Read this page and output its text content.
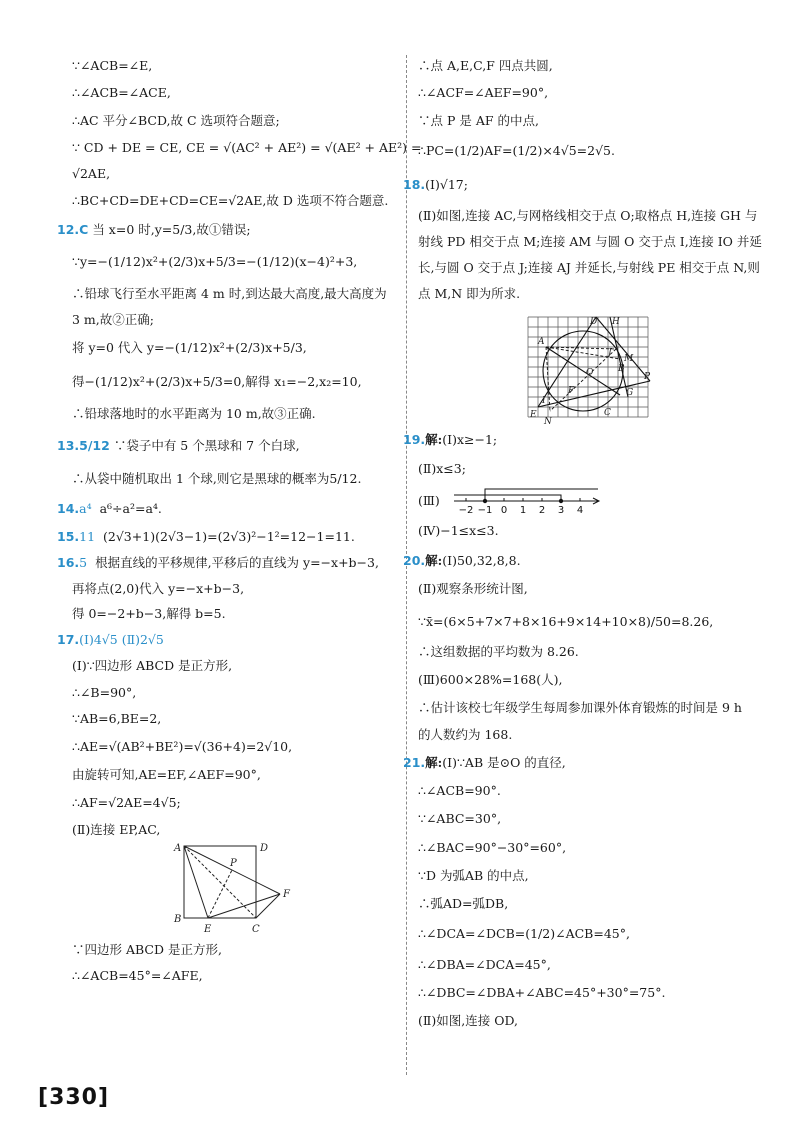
∵∠ACB=∠E,

∴∠ACB=∠ACE,

∴AC 平分∠BCD,故 C 选项符合题意;

∵ CD + DE = CE, CE = √(AC² + AE²) = √(AE² + AE²) =

√2AE,

∴BC+CD=DE+CD=CE=√2AE,故 D 选项不符合题意.

12.C 当 x=0 时,y=5/3,故①错误;

∵y=−(1/12)x²+(2/3)x+5/3=−(1/12)(x−4)²+3,

∴铅球飞行至水平距离 4 m 时,到达最大高度,最大高度为

3 m,故②正确;

将 y=0 代入 y=−(1/12)x²+(2/3)x+5/3,

得−(1/12)x²+(2/3)x+5/3=0,解得 x₁=−2,x₂=10,

∴铅球落地时的水平距离为 10 m,故③正确.

13.5/12 ∵袋子中有 5 个黑球和 7 个白球,

∴从袋中随机取出 1 个球,则它是黑球的概率为5/12.

14.a⁴ a⁶÷a²=a⁴.

15.11 (2√3+1)(2√3−1)=(2√3)²−1²=12−1=11.

16.5 根据直线的平移规律,平移后的直线为 y=−x+b−3,

再将点(2,0)代入 y=−x+b−3,

得 0=−2+b−3,解得 b=5.

17.(Ⅰ)4√5 (Ⅱ)2√5

(Ⅰ)∵四边形 ABCD 是正方形,

∴∠B=90°,

∵AB=6,BE=2,

∴AE=√(AB²+BE²)=√(36+4)=2√10,

由旋转可知,AE=EF,∠AEF=90°,

∴AF=√2AE=4√5;

(Ⅱ)连接 EP,AC,

A	D
P
F
B
E	C

∵四边形 ABCD 是正方形,

∴∠ACB=45°=∠AFE,

[330]

∴点 A,E,C,F 四点共圆,

∴∠ACF=∠AEF=90°,

∵点 P 是 AF 的中点,

∴PC=(1/2)AF=(1/2)×4√5=2√5.

18.(Ⅰ)√17;

(Ⅱ)如图,连接 AC,与网格线相交于点 O;取格点 H,连接 GH 与射线 PD 相交于点 M;连接 AM 与圆 O 交于点 I,连接 IO 并延长,与圆 O 交于点 J;连接 AJ 并延长,与射线 PE 相交于点 N,则点 M,N 即为所求.

D H
A
J
M
B
O	P
F	G
I
C
E
N

19.解:(Ⅰ)x≥−1;

(Ⅱ)x≤3;

(Ⅲ)
−2 −1 0 1 2 3 4

(Ⅳ)−1≤x≤3.

20.解:(Ⅰ)50,32,8,8.

(Ⅱ)观察条形统计图,

∵x̄=(6×5+7×7+8×16+9×14+10×8)/50=8.26,

∴这组数据的平均数为 8.26.

(Ⅲ)600×28%=168(人),

∴估计该校七年级学生每周参加课外体育锻炼的时间是 9 h

的人数约为 168.

21.解:(Ⅰ)∵AB 是⊙O 的直径,

∴∠ACB=90°.

∵∠ABC=30°,

∴∠BAC=90°−30°=60°,

∵D 为弧AB 的中点,

∴弧AD=弧DB,

∴∠DCA=∠DCB=(1/2)∠ACB=45°,

∴∠DBA=∠DCA=45°,

∴∠DBC=∠DBA+∠ABC=45°+30°=75°.

(Ⅱ)如图,连接 OD,
